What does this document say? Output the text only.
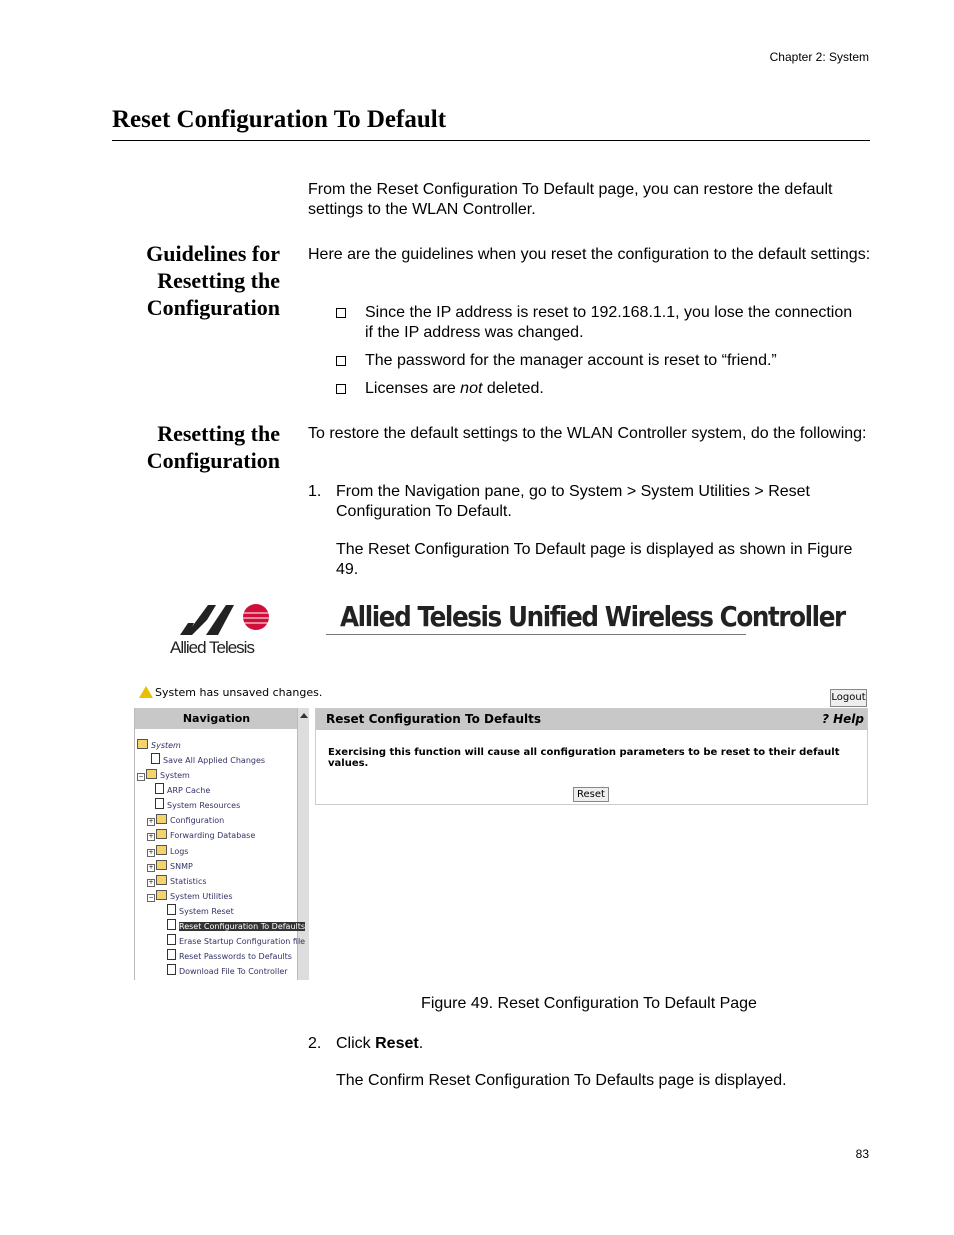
Chapter 2: System
Reset Configuration To Default
From the Reset Configuration To Default page, you can restore the default settings to the WLAN Controller.
Guidelines for
Resetting the
Configuration
Here are the guidelines when you reset the configuration to the default settings:
Since the IP address is reset to 192.168.1.1, you lose the connection if the IP address was changed.
The password for the manager account is reset to “friend.”
Licenses are not deleted.
Resetting the
Configuration
To restore the default settings to the WLAN Controller system, do the following:
1. From the Navigation pane, go to System > System Utilities > Reset Configuration To Default.
The Reset Configuration To Default page is displayed as shown in Figure 49.
Allied Telesis
Allied Telesis Unified Wireless Controller
System has unsaved changes.	Logout
Navigation
System
Save All Applied Changes
− System
ARP Cache
System Resources
+ Configuration
+ Forwarding Database
+ Logs
+ SNMP
+ Statistics
− System Utilities
System Reset
Reset Configuration To Defaults
Erase Startup Configuration file
Reset Passwords to Defaults
Download File To Controller
Reset Configuration To Defaults	? Help
Exercising this function will cause all configuration parameters to be reset to their default values.
Reset
Figure 49. Reset Configuration To Default Page
2. Click Reset.
The Confirm Reset Configuration To Defaults page is displayed.
83
